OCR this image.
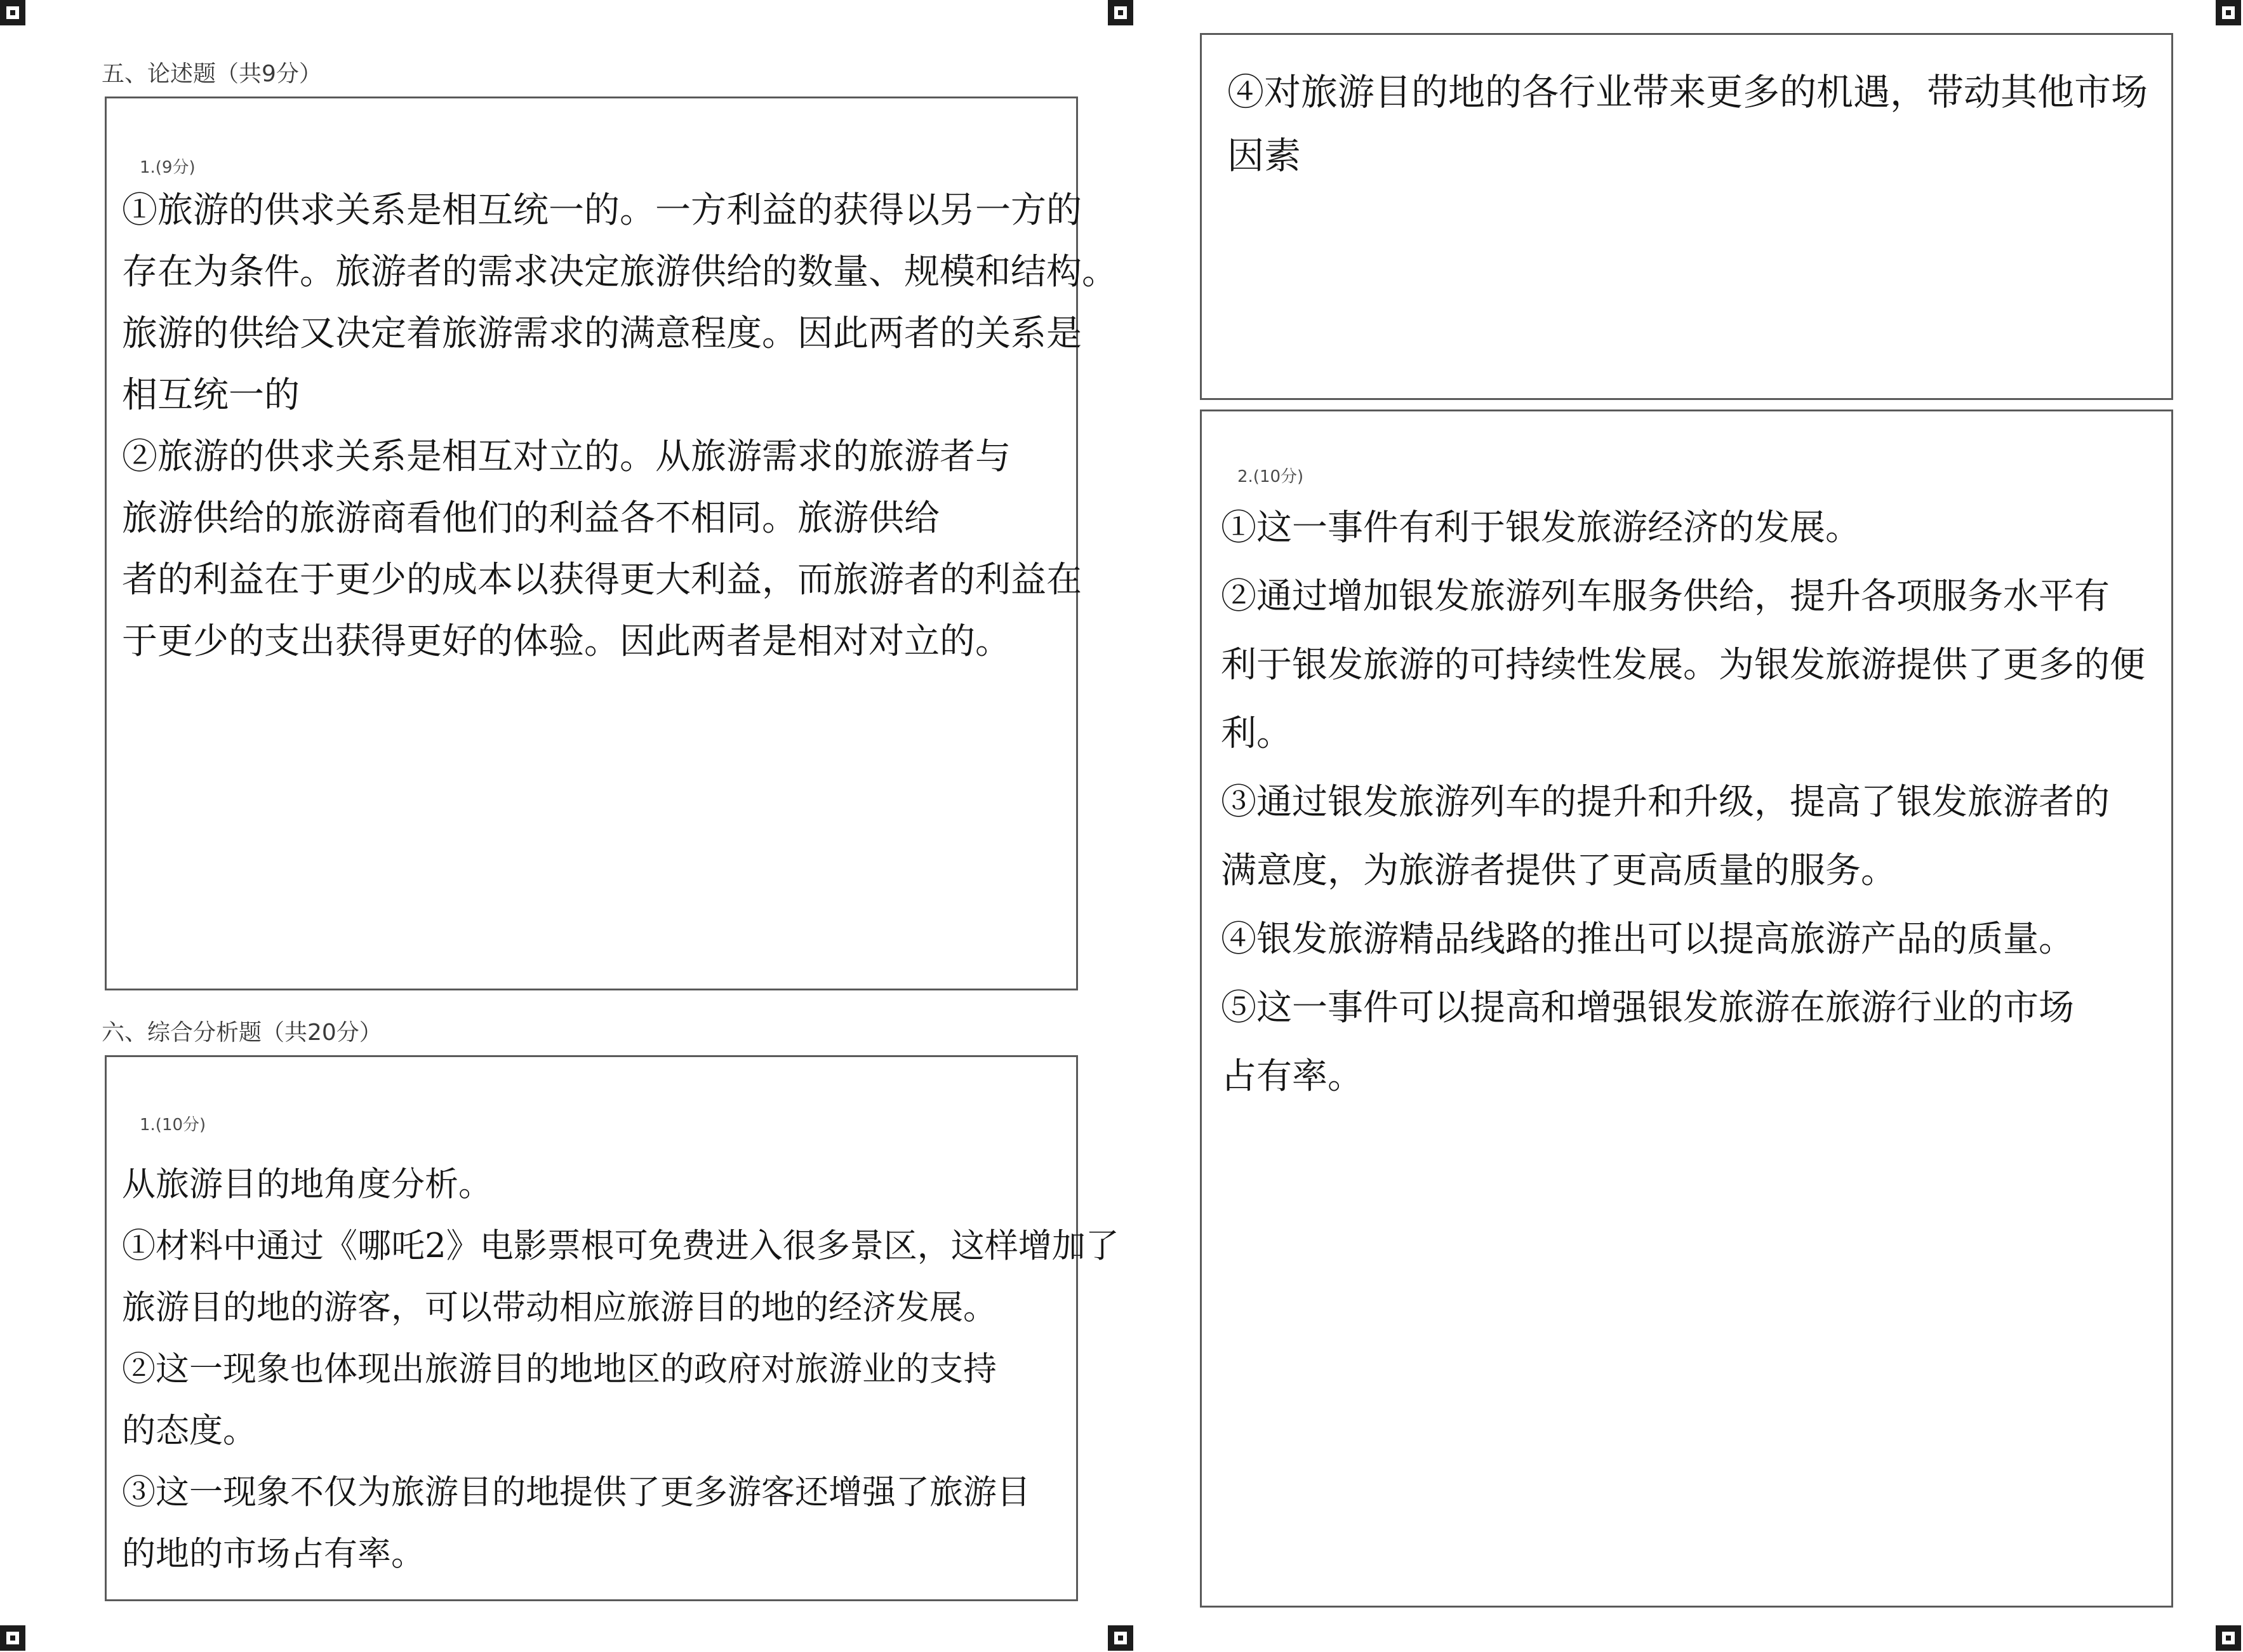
五、论述题（共9分）
1.(9分)
①旅游的供求关系是相互统一的。一方利益的获得以另一方的
存在为条件。旅游者的需求决定旅游供给的数量、规模和结构。
旅游的供给又决定着旅游需求的满意程度。因此两者的关系是
相互统一的
②旅游的供求关系是相互对立的。从旅游需求的旅游者与
旅游供给的旅游商看他们的利益各不相同。旅游供给
者的利益在于更少的成本以获得更大利益，而旅游者的利益在
于更少的支出获得更好的体验。因此两者是相对对立的。
六、综合分析题（共20分）
1.(10分)
从旅游目的地角度分析。
①材料中通过《哪吒2》电影票根可免费进入很多景区，这样增加了
旅游目的地的游客，可以带动相应旅游目的地的经济发展。
②这一现象也体现出旅游目的地地区的政府对旅游业的支持
的态度。
③这一现象不仅为旅游目的地提供了更多游客还增强了旅游目
的地的市场占有率。
④对旅游目的地的各行业带来更多的机遇，带动其他市场
因素
2.(10分)
①这一事件有利于银发旅游经济的发展。
②通过增加银发旅游列车服务供给，提升各项服务水平有
利于银发旅游的可持续性发展。为银发旅游提供了更多的便
利。
③通过银发旅游列车的提升和升级，提高了银发旅游者的
满意度，为旅游者提供了更高质量的服务。
④银发旅游精品线路的推出可以提高旅游产品的质量。
⑤这一事件可以提高和增强银发旅游在旅游行业的市场
占有率。
